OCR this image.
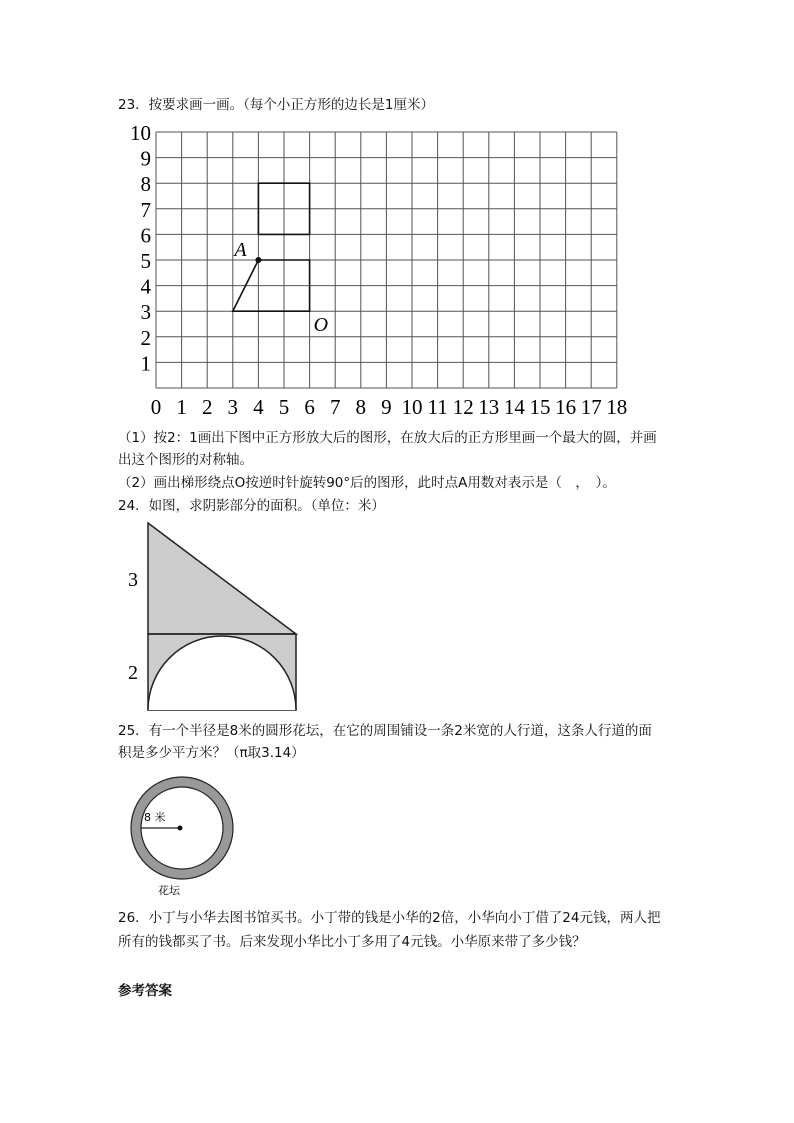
23．按要求画一画。（每个小正方形的边长是1厘米）
0 1 2 3 4 5 6 7 8 9 10 11 12 13 14 15 16 17 18
1
2
3
4
5
6
7
8
9
10
A
O
（1）按2：1画出下图中正方形放大后的图形，在放大后的正方形里画一个最大的圆，并画
出这个图形的对称轴。
（2）画出梯形绕点O按逆时针旋转90°后的图形，此时点A用数对表示是（　，　）。
24．如图，求阴影部分的面积。（单位：米）
3
2
25．有一个半径是8米的圆形花坛，在它的周围铺设一条2米宽的人行道，这条人行道的面
积是多少平方米？（π取3.14）
8 米
花坛
26．小丁与小华去图书馆买书。小丁带的钱是小华的2倍，小华向小丁借了24元钱，两人把
所有的钱都买了书。后来发现小华比小丁多用了4元钱。小华原来带了多少钱？
参考答案
